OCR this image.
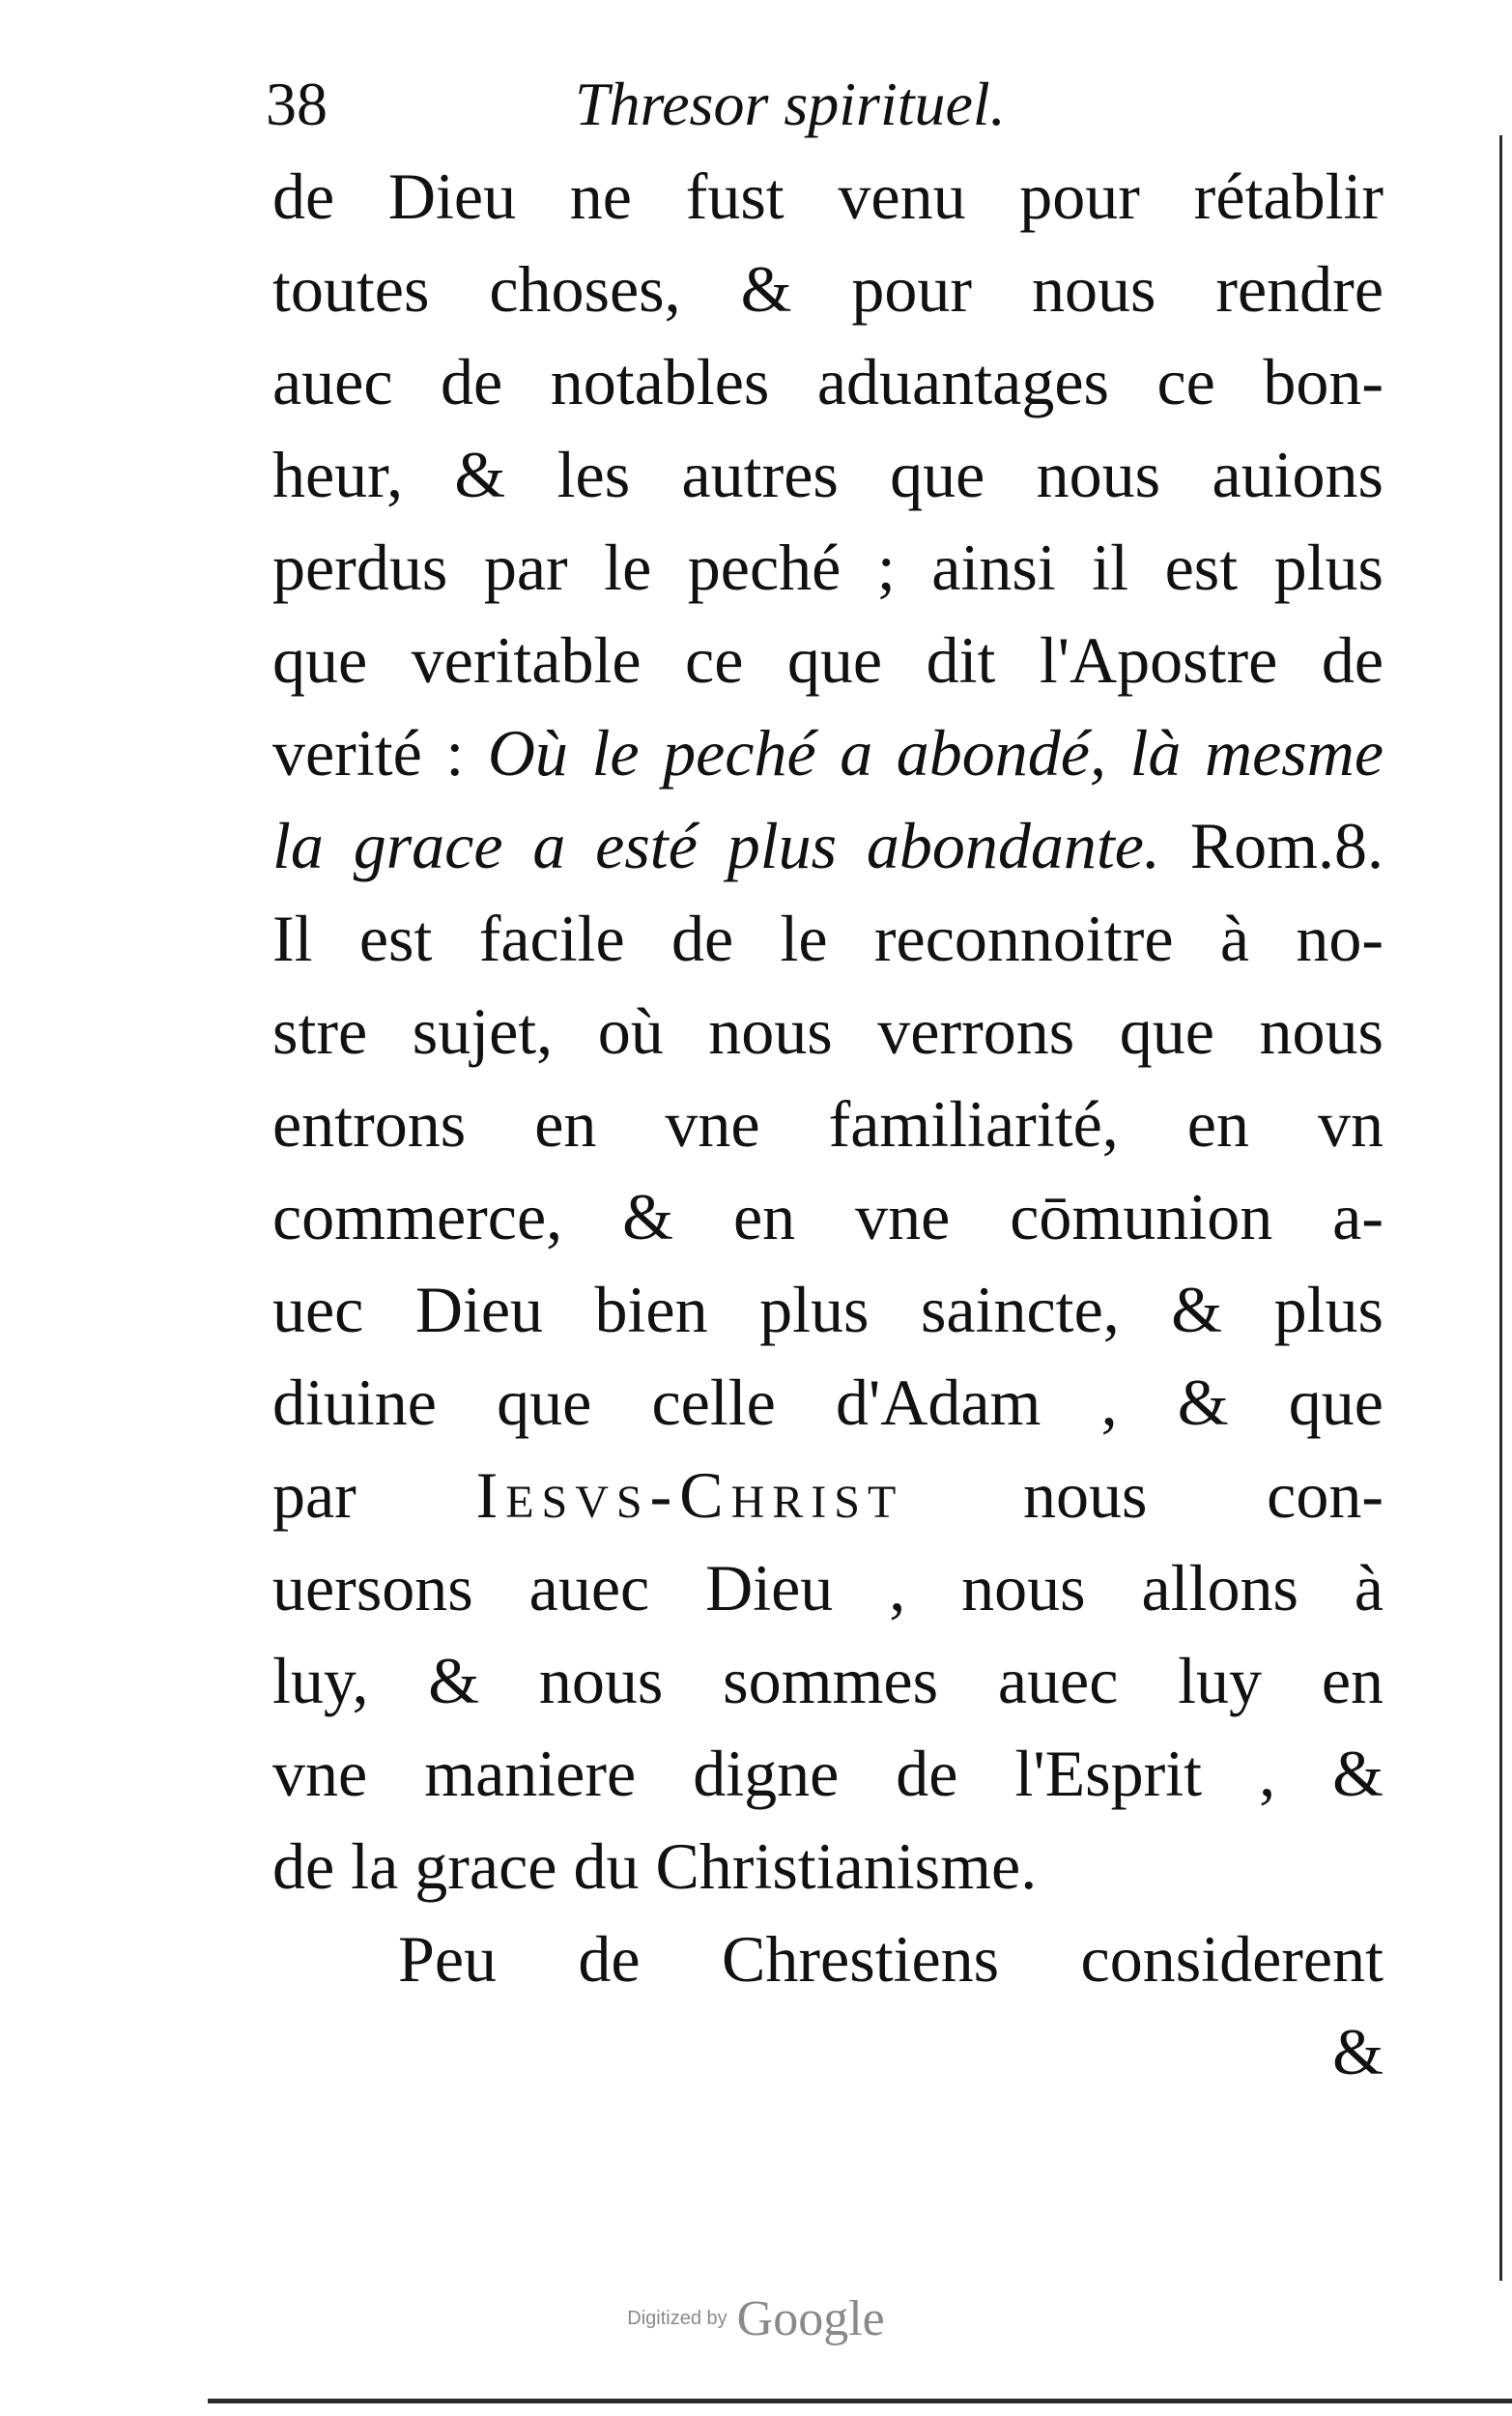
38	Thresor spirituel.
de Dieu ne fust venu pour rétablir
toutes choses, & pour nous rendre
auec de notables aduantages ce bon-
heur, & les autres que nous auions
perdus par le peché ; ainsi il est plus
que veritable ce que dit l'Apostre de
verité : Où le peché a abondé, là mesme
la grace a esté plus abondante. Rom.8.
Il est facile de le reconnoitre à no-
stre sujet, où nous verrons que nous
entrons en vne familiarité, en vn
commerce, & en vne cōmunion a-
uec Dieu bien plus saincte, & plus
diuine que celle d'Adam , & que
par Iesvs-Christ nous con-
uersons auec Dieu , nous allons à
luy, & nous sommes auec luy en
vne maniere digne de l'Esprit , &
de la grace du Christianisme.
Peu de Chrestiens considerent
&
Digitized by Google
